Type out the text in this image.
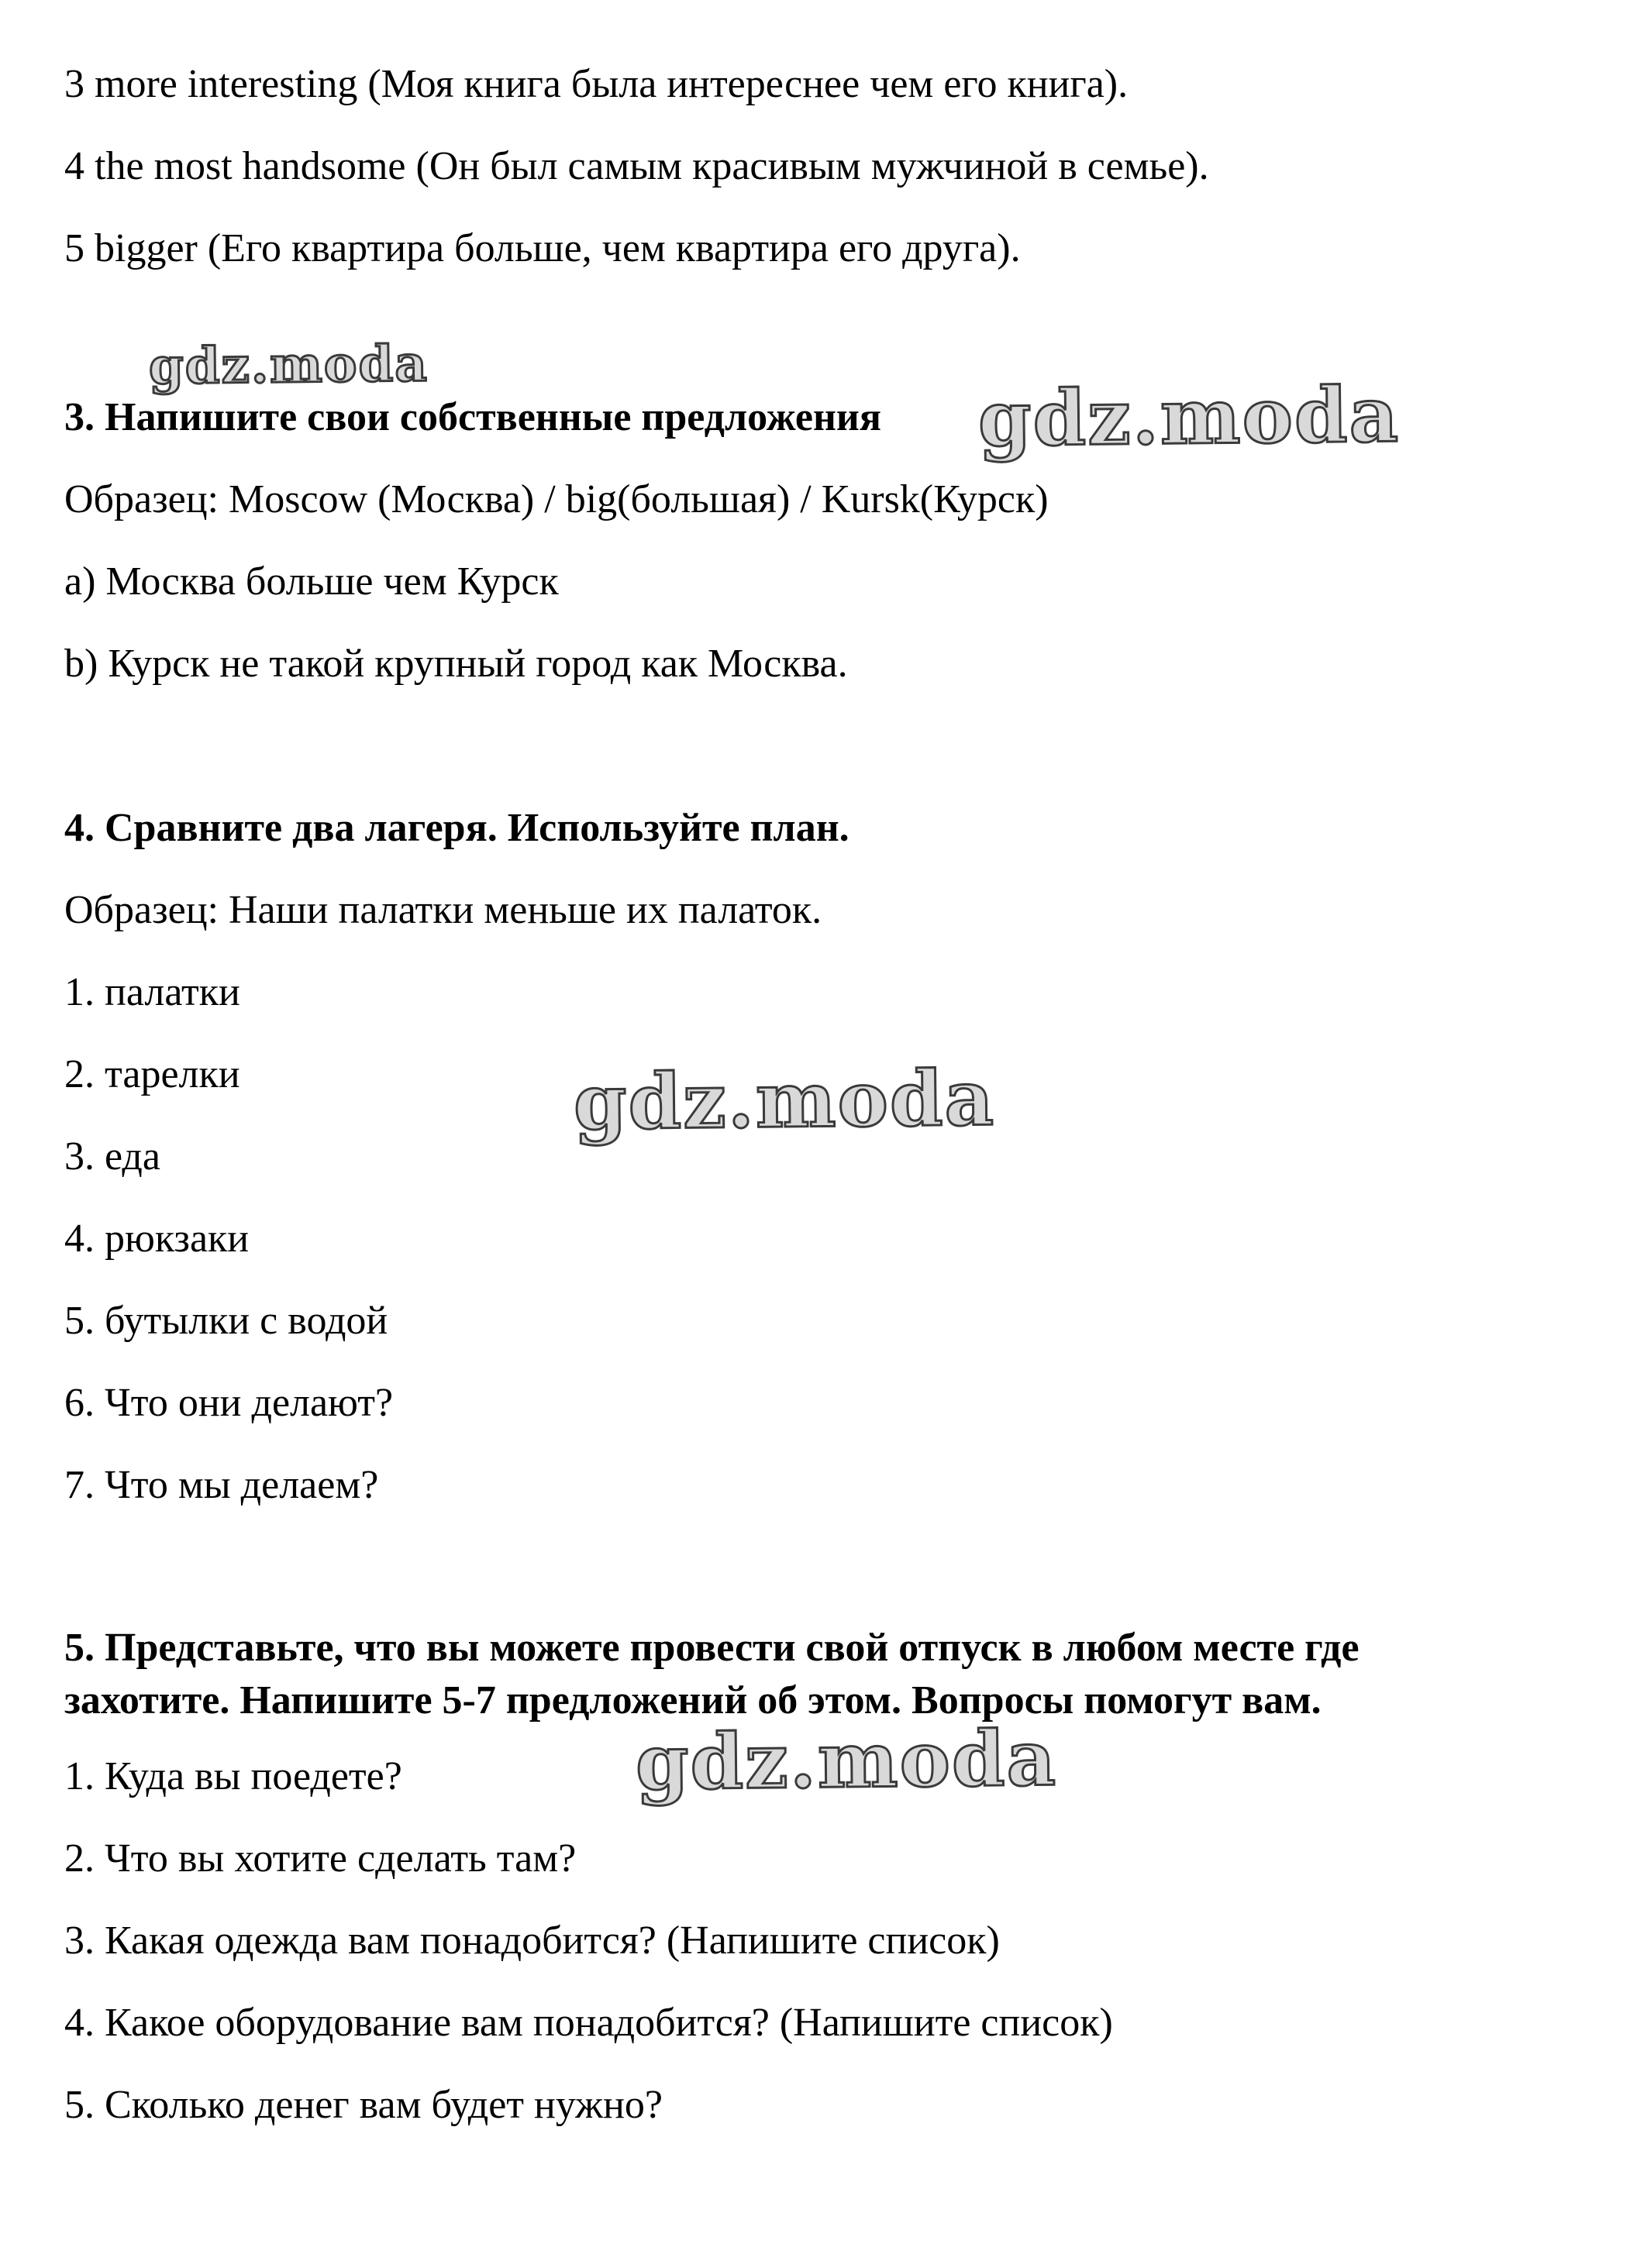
3 more interesting (Моя книга была интереснее чем его книга).
4 the most handsome (Он был самым красивым мужчиной в семье).
5 bigger (Его квартира больше, чем квартира его друга).
gdz.moda
3. Напишите свои собственные предложения gdz.moda
Образец: Moscow (Москва) / big(большая) / Kursk(Курск)
а) Москва больше чем Курск
b) Курск не такой крупный город как Москва.
4. Сравните два лагеря. Используйте план.
Образец: Наши палатки меньше их палаток.
1. палатки
2. тарелки	gdz.moda
3. еда
4. рюкзаки
5. бутылки с водой
6. Что они делают?
7. Что мы делаем?
5. Представьте, что вы можете провести свой отпуск в любом месте где
захотите. Напишите 5-7 предложений об этом. Вопросы помогут вам.
gdz.moda
1. Куда вы поедете?
2. Что вы хотите сделать там?
3. Какая одежда вам понадобится? (Напишите список)
4. Какое оборудование вам понадобится? (Напишите список)
5. Сколько денег вам будет нужно?
